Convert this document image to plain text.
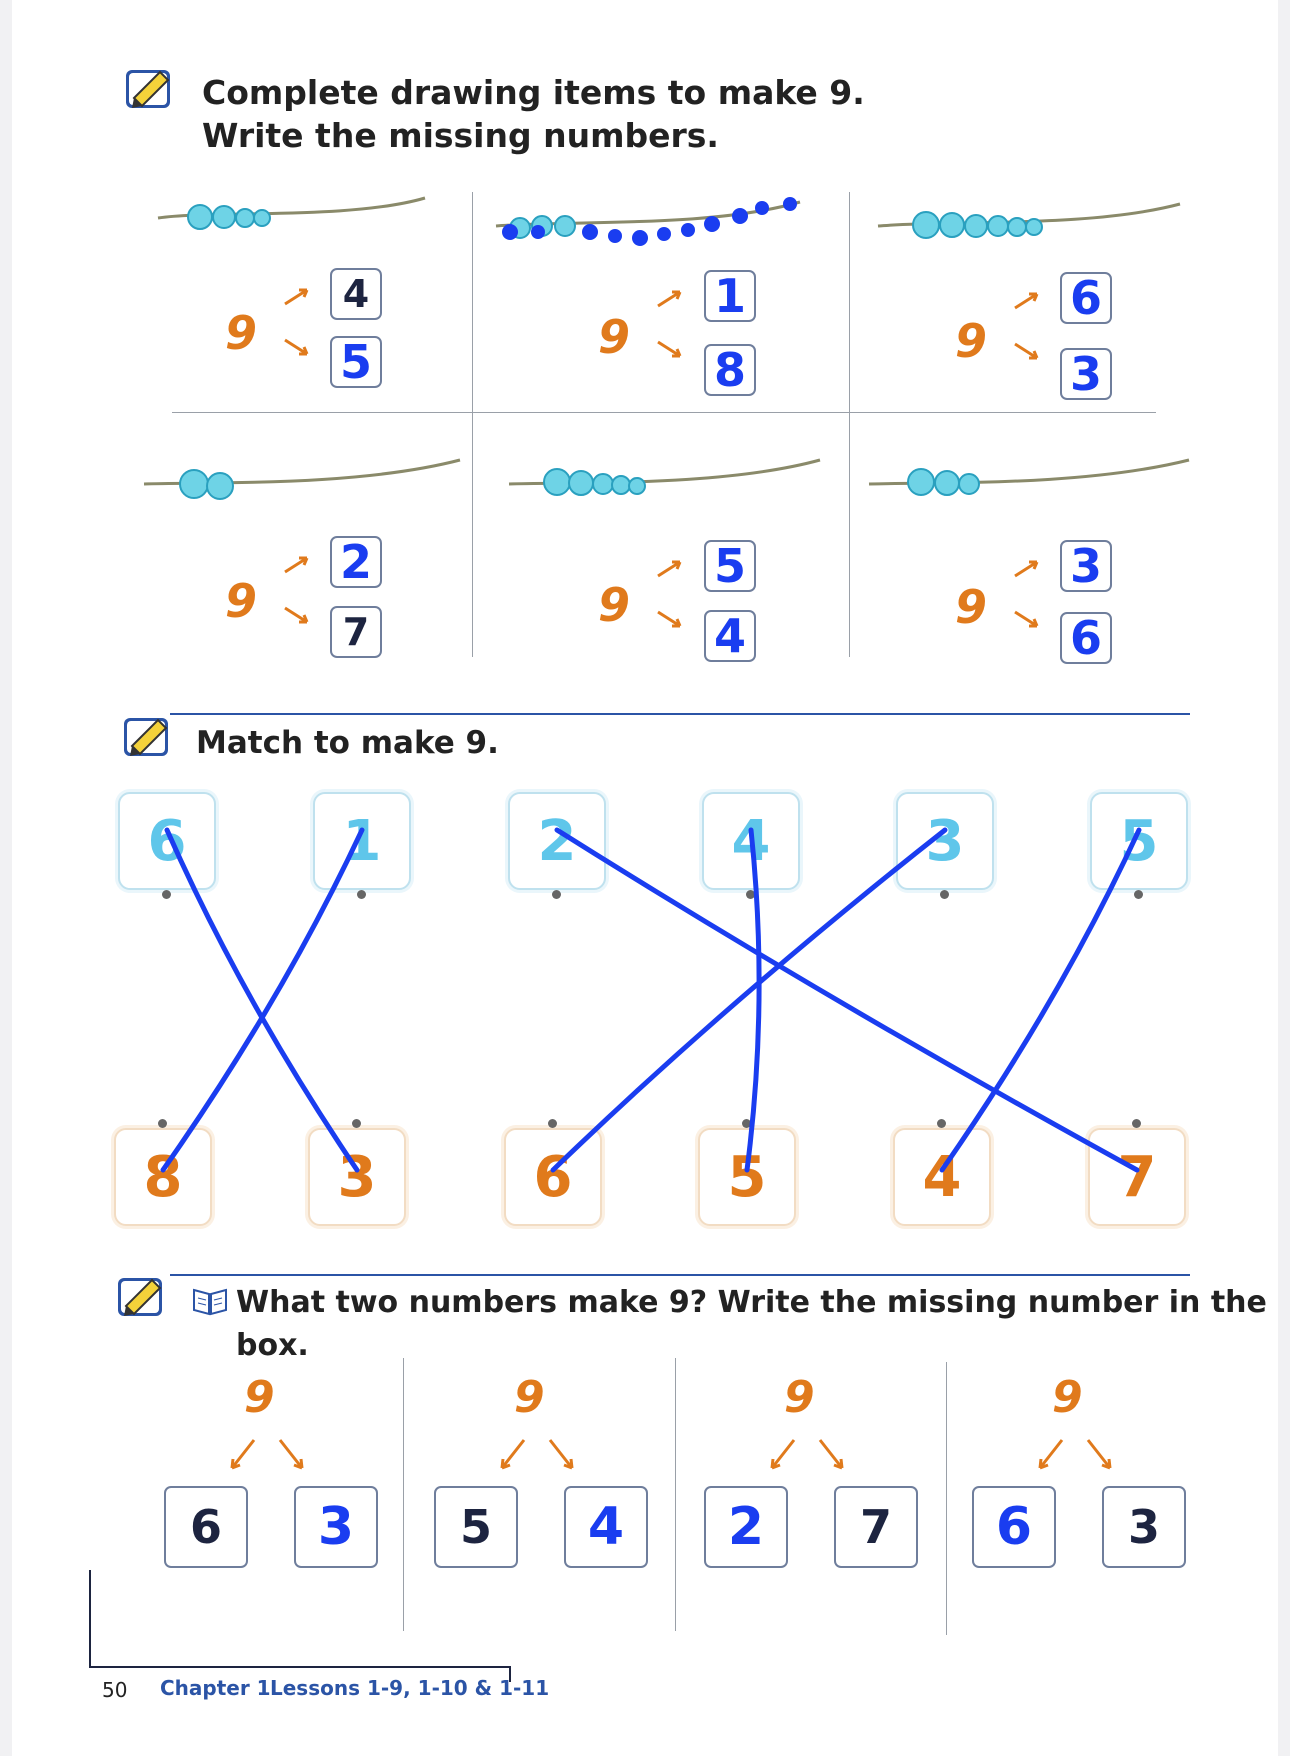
Complete drawing items to make 9.
Write the missing numbers.
9
4
5	9
1
8
9
6
3
9
2
7	9
5
4
9
3
6
Match to make 9.
6	1	2	4	3	5
8	3	6	5	4	7
What two numbers make 9? Write the missing number in the box.
9
6 3
9
5 4
9
2 7
9
6 3
50 Chapter 1 Lessons 1-9, 1-10 & 1-11
